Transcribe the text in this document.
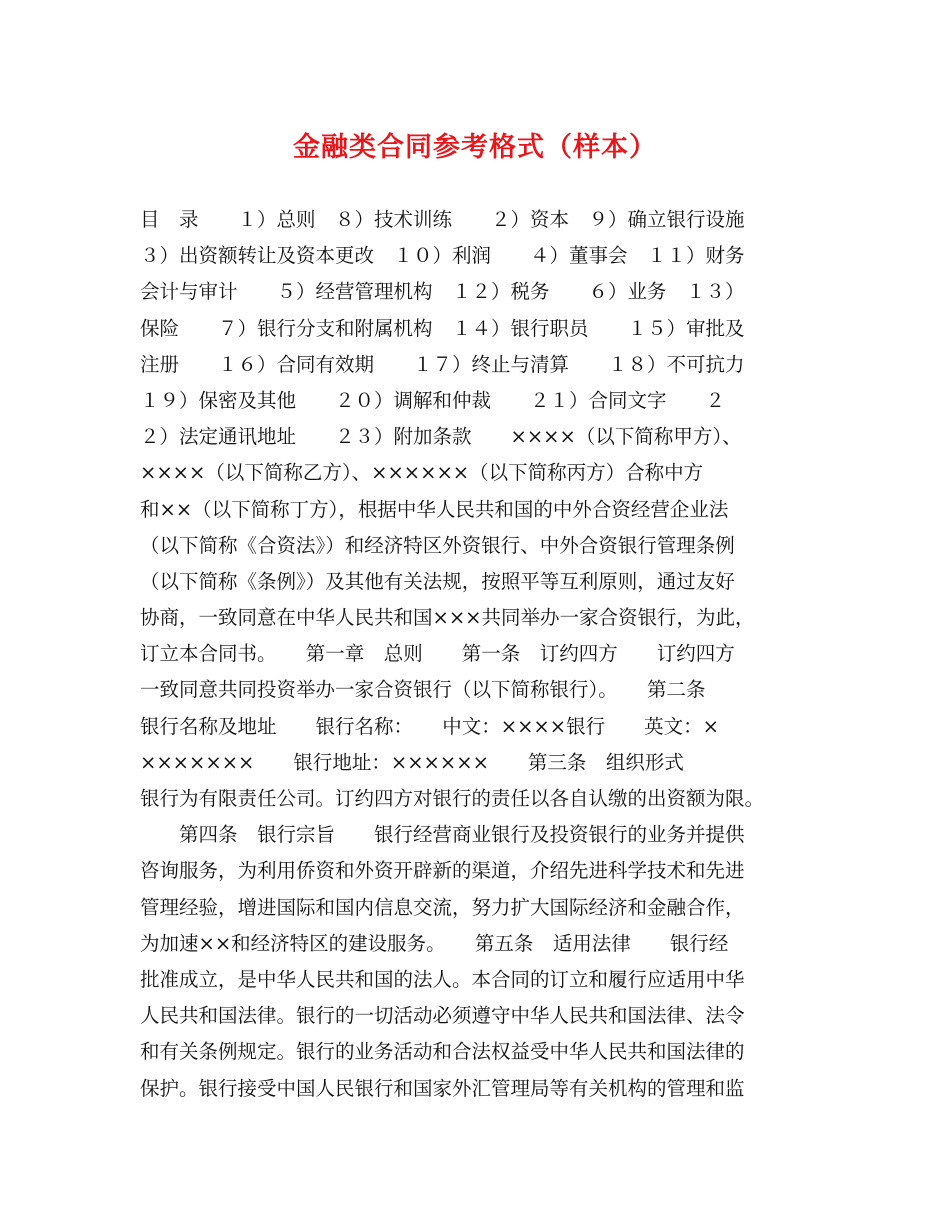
金融类合同参考格式（样本）
目　录　　１）总则　８）技术训练　　２）资本　９）确立银行设施
３）出资额转让及资本更改　１０）利润　　４）董事会　１１）财务
会计与审计　　５）经营管理机构　１２）税务　　６）业务　１３）
保险　　７）银行分支和附属机构　１４）银行职员　　１５）审批及
注册　　１６）合同有效期　　１７）终止与清算　　１８）不可抗力
１９）保密及其他　　２０）调解和仲裁　　２１）合同文字　　２
２）法定通讯地址　　２３）附加条款　　××××（以下简称甲方）、
××××（以下简称乙方）、××××××（以下简称丙方）合称中方
和××（以下简称丁方），根据中华人民共和国的中外合资经营企业法
（以下简称《合资法》）和经济特区外资银行、中外合资银行管理条例
（以下简称《条例》）及其他有关法规，按照平等互利原则，通过友好
协商，一致同意在中华人民共和国×××共同举办一家合资银行，为此，
订立本合同书。　　第一章　总则　　第一条　订约四方　　订约四方
一致同意共同投资举办一家合资银行（以下简称银行）。　　第二条
银行名称及地址　　银行名称：　　中文：××××银行　　英文：×
×××××××　　银行地址：××××××　　第三条　组织形式
银行为有限责任公司。订约四方对银行的责任以各自认缴的出资额为限。
　　第四条　银行宗旨　　银行经营商业银行及投资银行的业务并提供
咨询服务，为利用侨资和外资开辟新的渠道，介绍先进科学技术和先进
管理经验，增进国际和国内信息交流，努力扩大国际经济和金融合作，
为加速××和经济特区的建设服务。　　第五条　适用法律　　银行经
批准成立，是中华人民共和国的法人。本合同的订立和履行应适用中华
人民共和国法律。银行的一切活动必须遵守中华人民共和国法律、法令
和有关条例规定。银行的业务活动和合法权益受中华人民共和国法律的
保护。银行接受中国人民银行和国家外汇管理局等有关机构的管理和监
